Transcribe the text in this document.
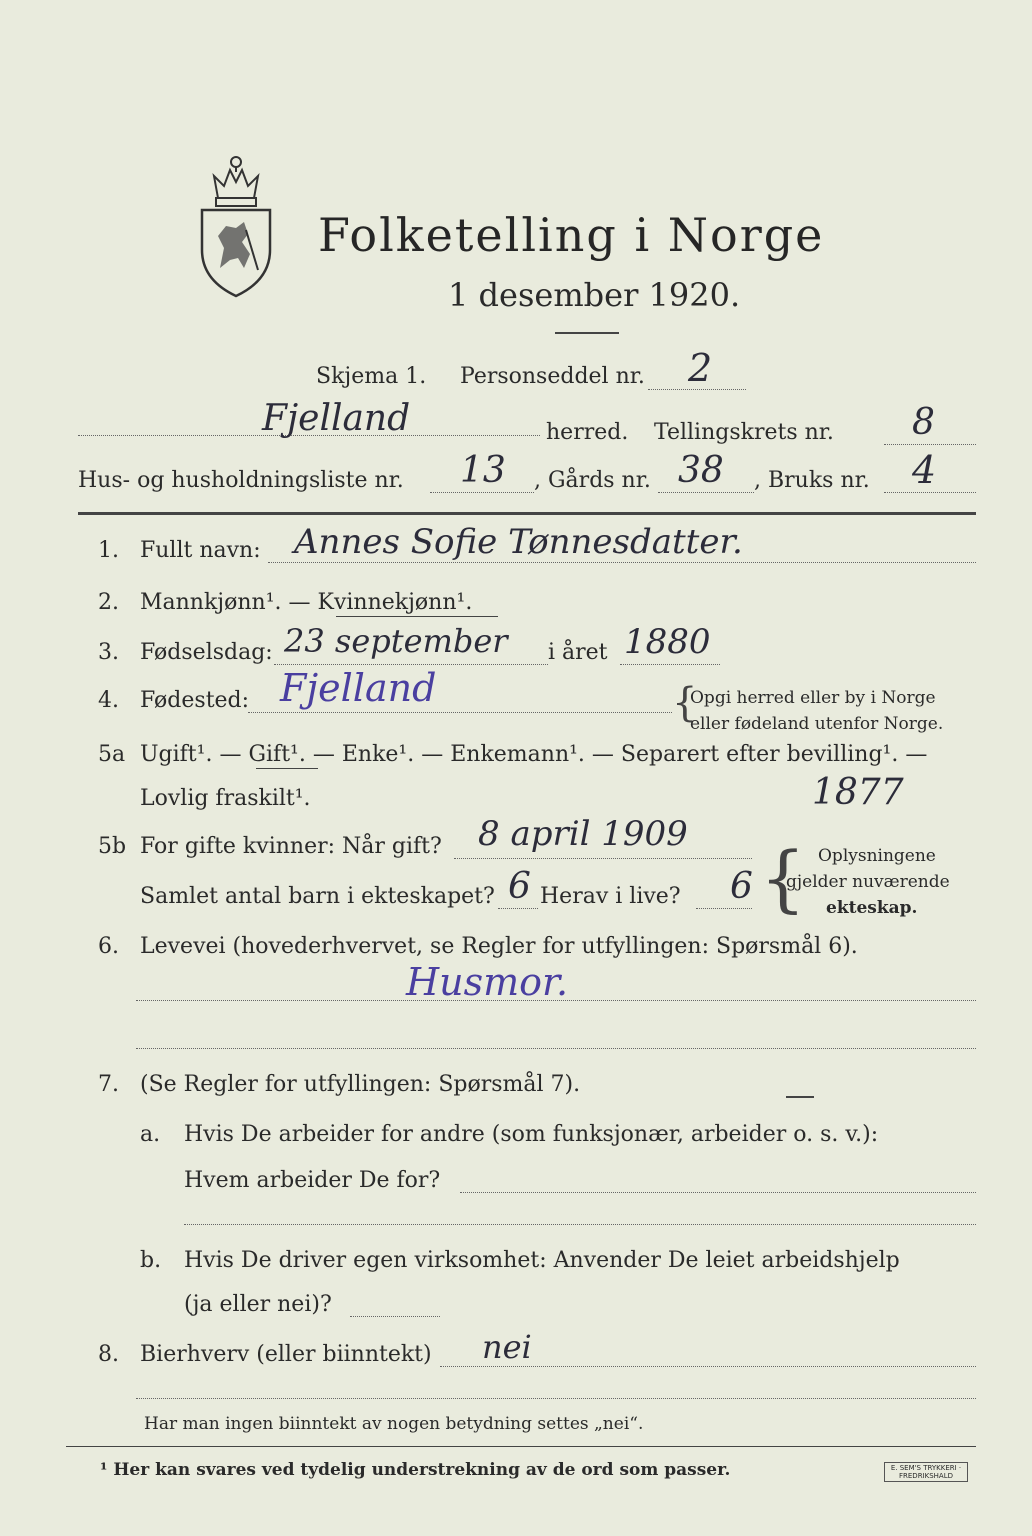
Folketelling i Norge
1 desember 1920.
Skjema 1. Personseddel nr. 2
Fjelland	herred. Tellingskrets nr. 8
Hus- og husholdningsliste nr. 13 , Gårds nr. 38 , Bruks nr. 4
1. Fullt navn: Annes Sofie Tønnesdatter.
2. Mannkjønn¹. — Kvinnekjønn¹.
3. Fødselsdag: 23 september i året 1880
4. Fødested: Fjelland	{
Opgi herred eller by i Norge
eller fødeland utenfor Norge.
5a Ugift¹. — Gift¹. — Enke¹. — Enkemann¹. — Separert efter bevilling¹. —
Lovlig fraskilt¹.	1877
5b For gifte kvinner: Når gift? 8 april 1909
Samlet antal barn i ekteskapet? 6 Herav i live? 6 { Oplysningene
gjelder nuværende
ekteskap.
6. Levevei (hovederhvervet, se Regler for utfyllingen: Spørsmål 6).
Husmor.
7. (Se Regler for utfyllingen: Spørsmål 7).
a. Hvis De arbeider for andre (som funksjonær, arbeider o. s. v.):
Hvem arbeider De for?
b. Hvis De driver egen virksomhet: Anvender De leiet arbeidshjelp
(ja eller nei)?
8. Bierhverv (eller biinntekt) nei
Har man ingen biinntekt av nogen betydning settes „nei“.
¹ Her kan svares ved tydelig understrekning av de ord som passer.	E. SEM'S TRYKKERI · FREDRIKSHALD
